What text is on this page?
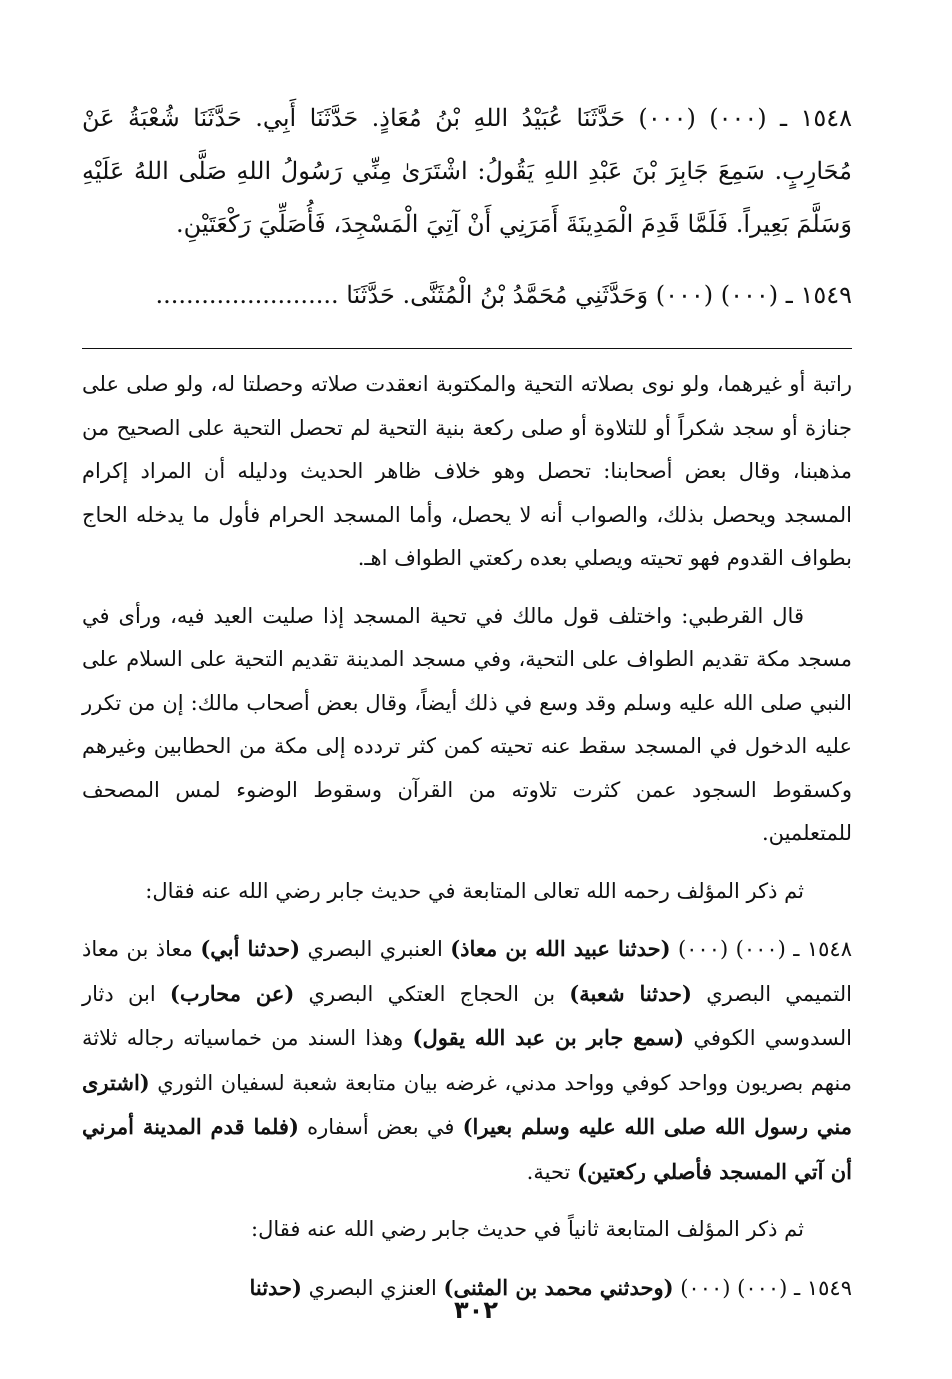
١٥٤٨ ـ (٠٠٠) (٠٠٠) حَدَّثَنَا عُبَيْدُ اللهِ بْنُ مُعَاذٍ. حَدَّثَنَا أَبِي. حَدَّثَنَا شُعْبَةُ عَنْ مُحَارِبٍ. سَمِعَ جَابِرَ بْنَ عَبْدِ اللهِ يَقُولُ: اشْتَرَىٰ مِنِّي رَسُولُ اللهِ صَلَّى اللهُ عَلَيْهِ وَسَلَّمَ بَعِيراً. فَلَمَّا قَدِمَ الْمَدِينَةَ أَمَرَنِي أَنْ آتِيَ الْمَسْجِدَ، فَأُصَلِّيَ رَكْعَتَيْنِ.

١٥٤٩ ـ (٠٠٠) (٠٠٠) وَحَدَّثَنِي مُحَمَّدُ بْنُ الْمُثَنَّى. حَدَّثَنَا ........................

راتبة أو غيرهما، ولو نوى بصلاته التحية والمكتوبة انعقدت صلاته وحصلتا له، ولو صلى على جنازة أو سجد شكراً أو للتلاوة أو صلى ركعة بنية التحية لم تحصل التحية على الصحيح من مذهبنا، وقال بعض أصحابنا: تحصل وهو خلاف ظاهر الحديث ودليله أن المراد إكرام المسجد ويحصل بذلك، والصواب أنه لا يحصل، وأما المسجد الحرام فأول ما يدخله الحاج بطواف القدوم فهو تحيته ويصلي بعده ركعتي الطواف اهـ.

قال القرطبي: واختلف قول مالك في تحية المسجد إذا صليت العيد فيه، ورأى في مسجد مكة تقديم الطواف على التحية، وفي مسجد المدينة تقديم التحية على السلام على النبي صلى الله عليه وسلم وقد وسع في ذلك أيضاً، وقال بعض أصحاب مالك: إن من تكرر عليه الدخول في المسجد سقط عنه تحيته كمن كثر تردده إلى مكة من الحطابين وغيرهم وكسقوط السجود عمن كثرت تلاوته من القرآن وسقوط الوضوء لمس المصحف للمتعلمين.

ثم ذكر المؤلف رحمه الله تعالى المتابعة في حديث جابر رضي الله عنه فقال:

١٥٤٨ ـ (٠٠٠) (٠٠٠) (حدثنا عبيد الله بن معاذ) العنبري البصري (حدثنا أبي) معاذ بن معاذ التميمي البصري (حدثنا شعبة) بن الحجاج العتكي البصري (عن محارب) ابن دثار السدوسي الكوفي (سمع جابر بن عبد الله يقول) وهذا السند من خماسياته رجاله ثلاثة منهم بصريون وواحد كوفي وواحد مدني، غرضه بيان متابعة شعبة لسفيان الثوري (اشترى مني رسول الله صلى الله عليه وسلم بعيرا) في بعض أسفاره (فلما قدم المدينة أمرني أن آتي المسجد فأصلي ركعتين) تحية.

ثم ذكر المؤلف المتابعة ثانياً في حديث جابر رضي الله عنه فقال:

١٥٤٩ ـ (٠٠٠) (٠٠٠) (وحدثني محمد بن المثنى) العنزي البصري (حدثنا

٣٠٢
